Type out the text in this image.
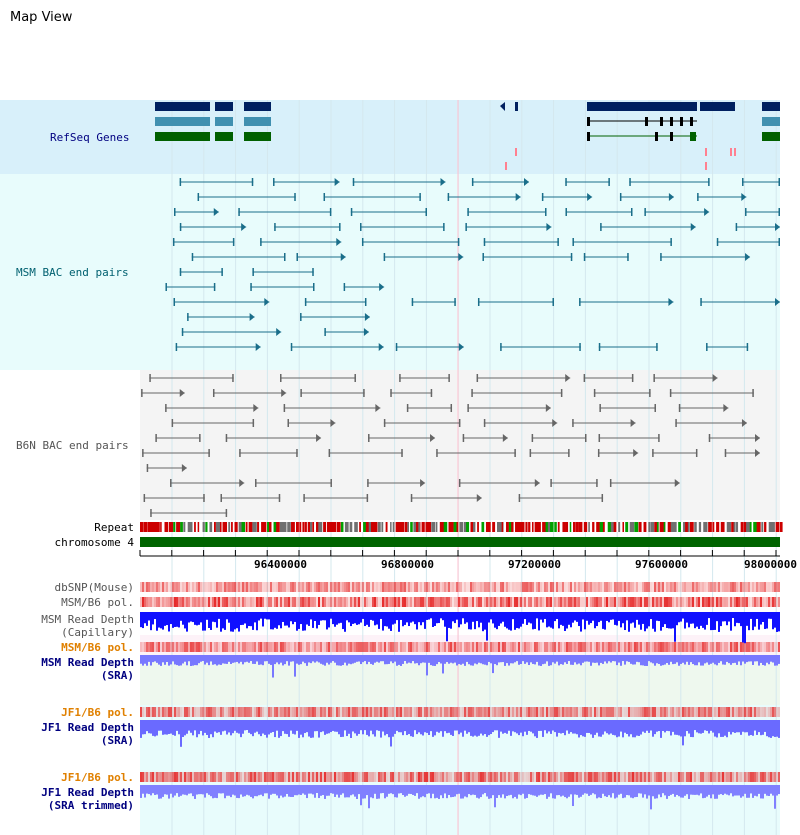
Map View

96400000	96800000	97200000	97600000	98000000
RefSeq Genes
MSM BAC end pairs
B6N BAC end pairs
Repeat
chromosome 4
dbSNP(Mouse)
MSM/B6 pol.
MSM Read Depth
(Capillary)
MSM/B6 pol.
MSM Read Depth
(SRA)
JF1/B6 pol.
JF1 Read Depth
(SRA)
JF1/B6 pol.
JF1 Read Depth
(SRA trimmed)
